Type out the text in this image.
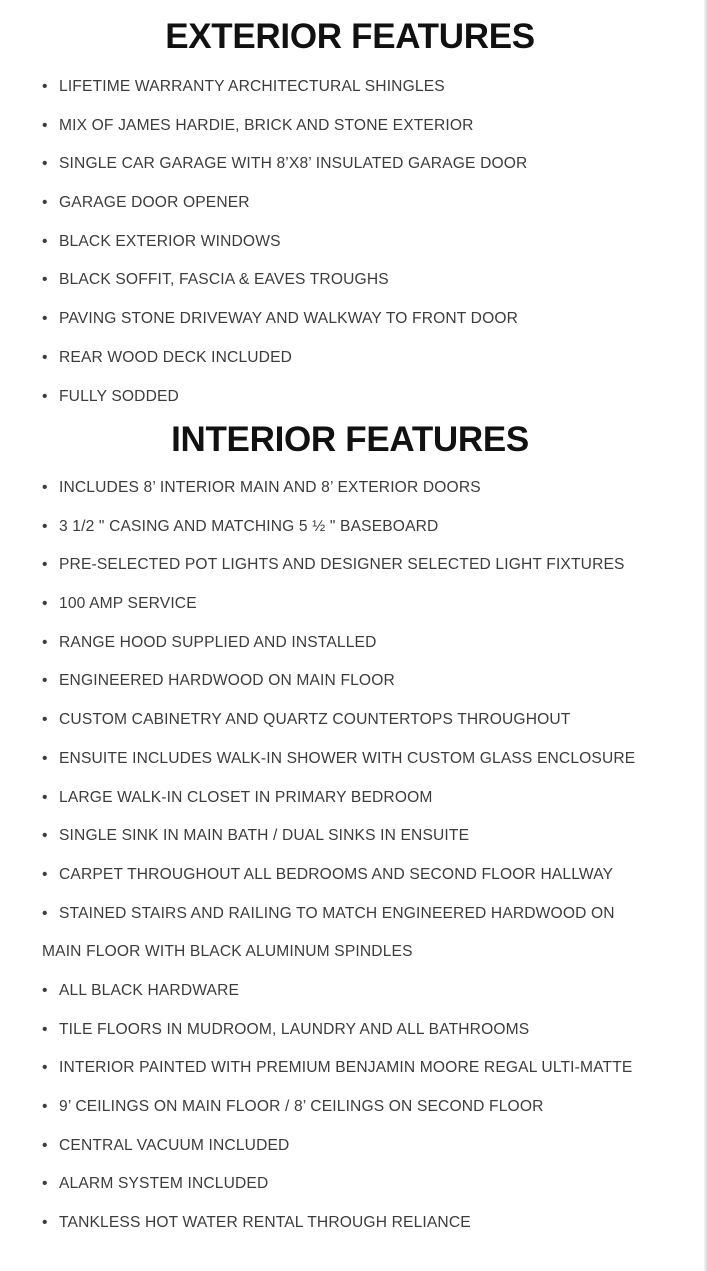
EXTERIOR FEATURES
• LIFETIME WARRANTY ARCHITECTURAL SHINGLES
• MIX OF JAMES HARDIE, BRICK AND STONE EXTERIOR
• SINGLE CAR GARAGE WITH 8’X8’ INSULATED GARAGE DOOR
• GARAGE DOOR OPENER
• BLACK EXTERIOR WINDOWS
• BLACK SOFFIT, FASCIA & EAVES TROUGHS
• PAVING STONE DRIVEWAY AND WALKWAY TO FRONT DOOR
• REAR WOOD DECK INCLUDED
• FULLY SODDED
INTERIOR FEATURES
• INCLUDES 8’ INTERIOR MAIN AND 8’ EXTERIOR DOORS
• 3 1/2 " CASING AND MATCHING 5 ½ " BASEBOARD
• PRE-SELECTED POT LIGHTS AND DESIGNER SELECTED LIGHT FIXTURES
• 100 AMP SERVICE
• RANGE HOOD SUPPLIED AND INSTALLED
• ENGINEERED HARDWOOD ON MAIN FLOOR
• CUSTOM CABINETRY AND QUARTZ COUNTERTOPS THROUGHOUT
• ENSUITE INCLUDES WALK-IN SHOWER WITH CUSTOM GLASS ENCLOSURE
• LARGE WALK-IN CLOSET IN PRIMARY BEDROOM
• SINGLE SINK IN MAIN BATH / DUAL SINKS IN ENSUITE
• CARPET THROUGHOUT ALL BEDROOMS AND SECOND FLOOR HALLWAY
• STAINED STAIRS AND RAILING TO MATCH ENGINEERED HARDWOOD ON
MAIN FLOOR WITH BLACK ALUMINUM SPINDLES
• ALL BLACK HARDWARE
• TILE FLOORS IN MUDROOM, LAUNDRY AND ALL BATHROOMS
• INTERIOR PAINTED WITH PREMIUM BENJAMIN MOORE REGAL ULTI-MATTE
• 9’ CEILINGS ON MAIN FLOOR / 8’ CEILINGS ON SECOND FLOOR
• CENTRAL VACUUM INCLUDED
• ALARM SYSTEM INCLUDED
• TANKLESS HOT WATER RENTAL THROUGH RELIANCE
